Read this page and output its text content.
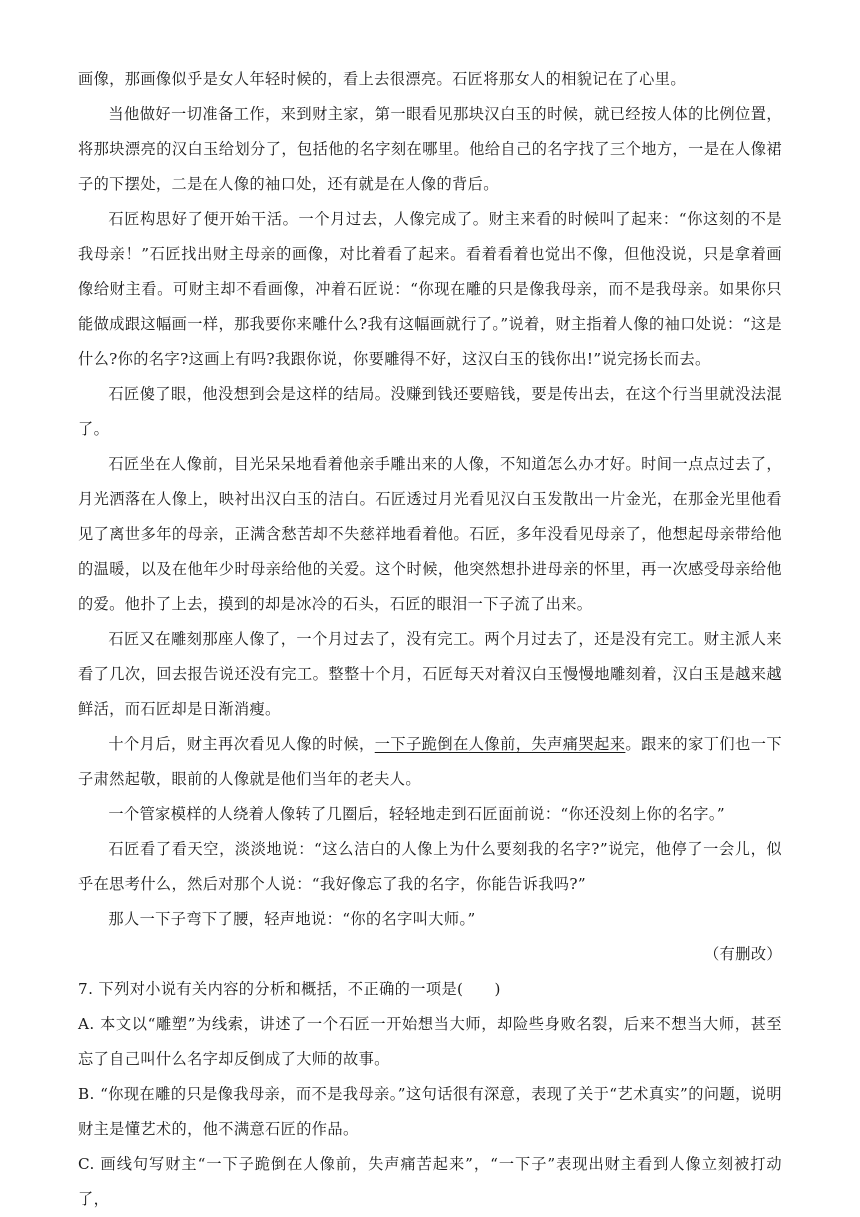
画像，那画像似乎是女人年轻时候的，看上去很漂亮。石匠将那女人的相貌记在了心里。

当他做好一切准备工作，来到财主家，第一眼看见那块汉白玉的时候，就已经按人体的比例位置，将那块漂亮的汉白玉给划分了，包括他的名字刻在哪里。他给自己的名字找了三个地方，一是在人像裙子的下摆处，二是在人像的袖口处，还有就是在人像的背后。

石匠构思好了便开始干活。一个月过去，人像完成了。财主来看的时候叫了起来：“你这刻的不是我母亲！”石匠找出财主母亲的画像，对比着看了起来。看着看着也觉出不像，但他没说，只是拿着画像给财主看。可财主却不看画像，冲着石匠说：“你现在雕的只是像我母亲，而不是我母亲。如果你只能做成跟这幅画一样，那我要你来雕什么?我有这幅画就行了。”说着，财主指着人像的袖口处说：“这是什么?你的名字?这画上有吗?我跟你说，你要雕得不好，这汉白玉的钱你出!”说完扬长而去。

石匠傻了眼，他没想到会是这样的结局。没赚到钱还要赔钱，要是传出去，在这个行当里就没法混了。

石匠坐在人像前，目光呆呆地看着他亲手雕出来的人像，不知道怎么办才好。时间一点点过去了，月光洒落在人像上，映衬出汉白玉的洁白。石匠透过月光看见汉白玉发散出一片金光，在那金光里他看见了离世多年的母亲，正满含愁苦却不失慈祥地看着他。石匠，多年没看见母亲了，他想起母亲带给他的温暖，以及在他年少时母亲给他的关爱。这个时候，他突然想扑进母亲的怀里，再一次感受母亲给他的爱。他扑了上去，摸到的却是冰冷的石头，石匠的眼泪一下子流了出来。

石匠又在雕刻那座人像了，一个月过去了，没有完工。两个月过去了，还是没有完工。财主派人来看了几次，回去报告说还没有完工。整整十个月，石匠每天对着汉白玉慢慢地雕刻着，汉白玉是越来越鲜活，而石匠却是日渐消瘦。

十个月后，财主再次看见人像的时候，一下子跪倒在人像前，失声痛哭起来。跟来的家丁们也一下子肃然起敬，眼前的人像就是他们当年的老夫人。

一个管家模样的人绕着人像转了几圈后，轻轻地走到石匠面前说：“你还没刻上你的名字。”

石匠看了看天空，淡淡地说：“这么洁白的人像上为什么要刻我的名字?”说完，他停了一会儿，似乎在思考什么，然后对那个人说：“我好像忘了我的名字，你能告诉我吗?”

那人一下子弯下了腰，轻声地说：“你的名字叫大师。”

（有删改）

7. 下列对小说有关内容的分析和概括，不正确的一项是(　　)

A. 本文以“雕塑”为线索，讲述了一个石匠一开始想当大师，却险些身败名裂，后来不想当大师，甚至忘了自己叫什么名字却反倒成了大师的故事。

B. “你现在雕的只是像我母亲，而不是我母亲。”这句话很有深意，表现了关于“艺术真实”的问题，说明财主是懂艺术的，他不满意石匠的作品。

C. 画线句写财主“一下子跪倒在人像前，失声痛苦起来”，“一下子”表现出财主看到人像立刻被打动了，
